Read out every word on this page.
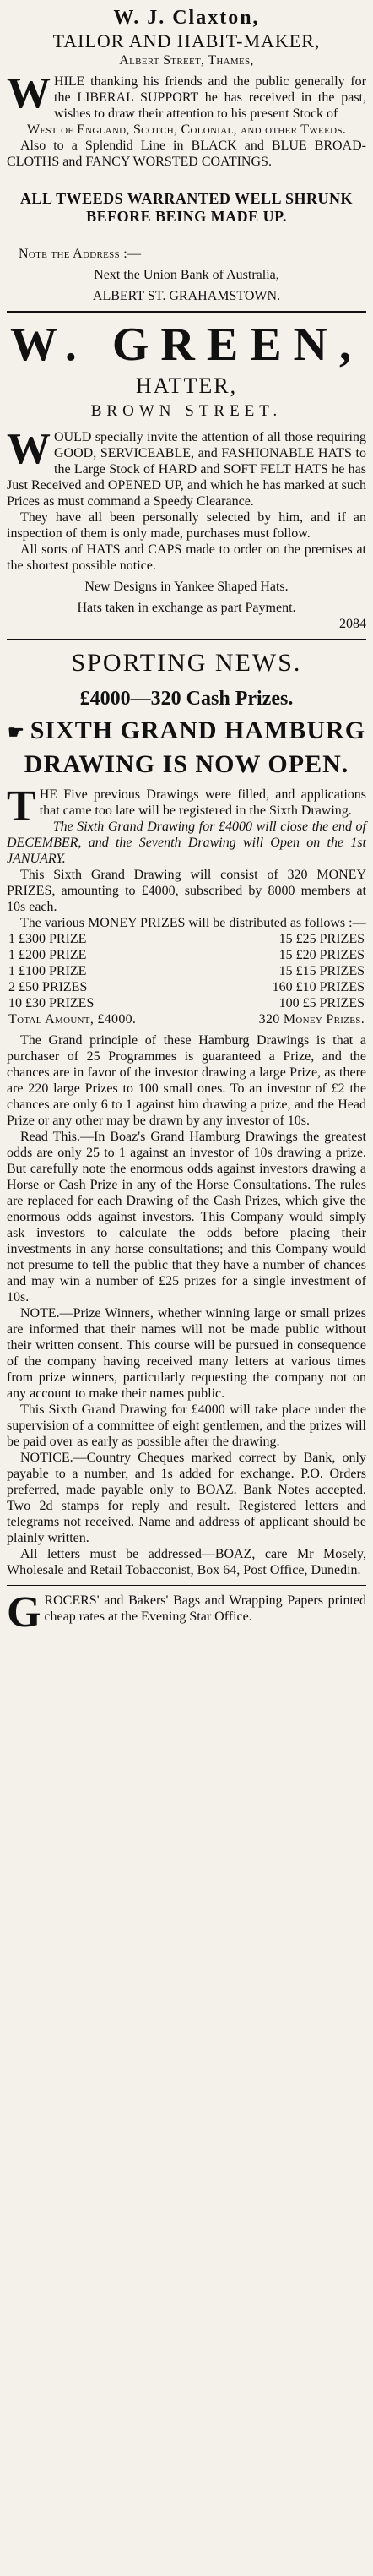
W. J. Claxton,

TAILOR AND HABIT-MAKER,

Albert Street, Thames,

W HILE thanking his friends and the public generally for the LIBERAL SUPPORT he has received in the past, wishes to draw their attention to his present Stock of

West of England, Scotch, Colonial, and other Tweeds.

Also to a Splendid Line in BLACK and BLUE BROAD-CLOTHS and FANCY WORSTED COATINGS.

ALL TWEEDS WARRANTED WELL SHRUNK BEFORE BEING MADE UP.

Note the Address :—

Next the Union Bank of Australia,

ALBERT ST. GRAHAMSTOWN.

W. GREEN,

HATTER,

BROWN STREET.

W OULD specially invite the attention of all those requiring GOOD, SERVICEABLE, and FASHIONABLE HATS to the Large Stock of HARD and SOFT FELT HATS he has Just Received and OPENED UP, and which he has marked at such Prices as must command a Speedy Clearance.

They have all been personally selected by him, and if an inspection of them is only made, purchases must follow.

All sorts of HATS and CAPS made to order on the premises at the shortest possible notice.

New Designs in Yankee Shaped Hats.

Hats taken in exchange as part Payment.

2084

SPORTING NEWS.

£4000—320 Cash Prizes.

☛ SIXTH GRAND HAMBURG

DRAWING IS NOW OPEN.

T HE Five previous Drawings were filled, and applications that came too late will be registered in the Sixth Drawing.

The Sixth Grand Drawing for £4000 will close the end of DECEMBER, and the Seventh Drawing will Open on the 1st JANUARY.

This Sixth Grand Drawing will consist of 320 MONEY PRIZES, amounting to £4000, subscribed by 8000 members at 10s each.

The various MONEY PRIZES will be distributed as follows :—

1 £300 PRIZE	15 £25 PRIZES
1 £200 PRIZE	15 £20 PRIZES
1 £100 PRIZE	15 £15 PRIZES
2 £50 PRIZES	160 £10 PRIZES
10 £30 PRIZES	100 £5 PRIZES
Total Amount, £4000.	320 Money Prizes.

The Grand principle of these Hamburg Drawings is that a purchaser of 25 Programmes is guaranteed a Prize, and the chances are in favor of the investor drawing a large Prize, as there are 220 large Prizes to 100 small ones. To an investor of £2 the chances are only 6 to 1 against him drawing a prize, and the Head Prize or any other may be drawn by any investor of 10s.

Read This.—In Boaz's Grand Hamburg Drawings the greatest odds are only 25 to 1 against an investor of 10s drawing a prize. But carefully note the enormous odds against investors drawing a Horse or Cash Prize in any of the Horse Consultations. The rules are replaced for each Drawing of the Cash Prizes, which give the enormous odds against investors. This Company would simply ask investors to calculate the odds before placing their investments in any horse consultations; and this Company would not presume to tell the public that they have a number of chances and may win a number of £25 prizes for a single investment of 10s.

NOTE.—Prize Winners, whether winning large or small prizes are informed that their names will not be made public without their written consent. This course will be pursued in consequence of the company having received many letters at various times from prize winners, particularly requesting the company not on any account to make their names public.

This Sixth Grand Drawing for £4000 will take place under the supervision of a committee of eight gentlemen, and the prizes will be paid over as early as possible after the drawing.

NOTICE.—Country Cheques marked correct by Bank, only payable to a number, and 1s added for exchange. P.O. Orders preferred, made payable only to BOAZ. Bank Notes accepted. Two 2d stamps for reply and result. Registered letters and telegrams not received. Name and address of applicant should be plainly written.

All letters must be addressed—BOAZ, care Mr Mosely, Wholesale and Retail Tobacconist, Box 64, Post Office, Dunedin.

G ROCERS' and Bakers' Bags and Wrapping Papers printed cheap rates at the Evening Star Office.
